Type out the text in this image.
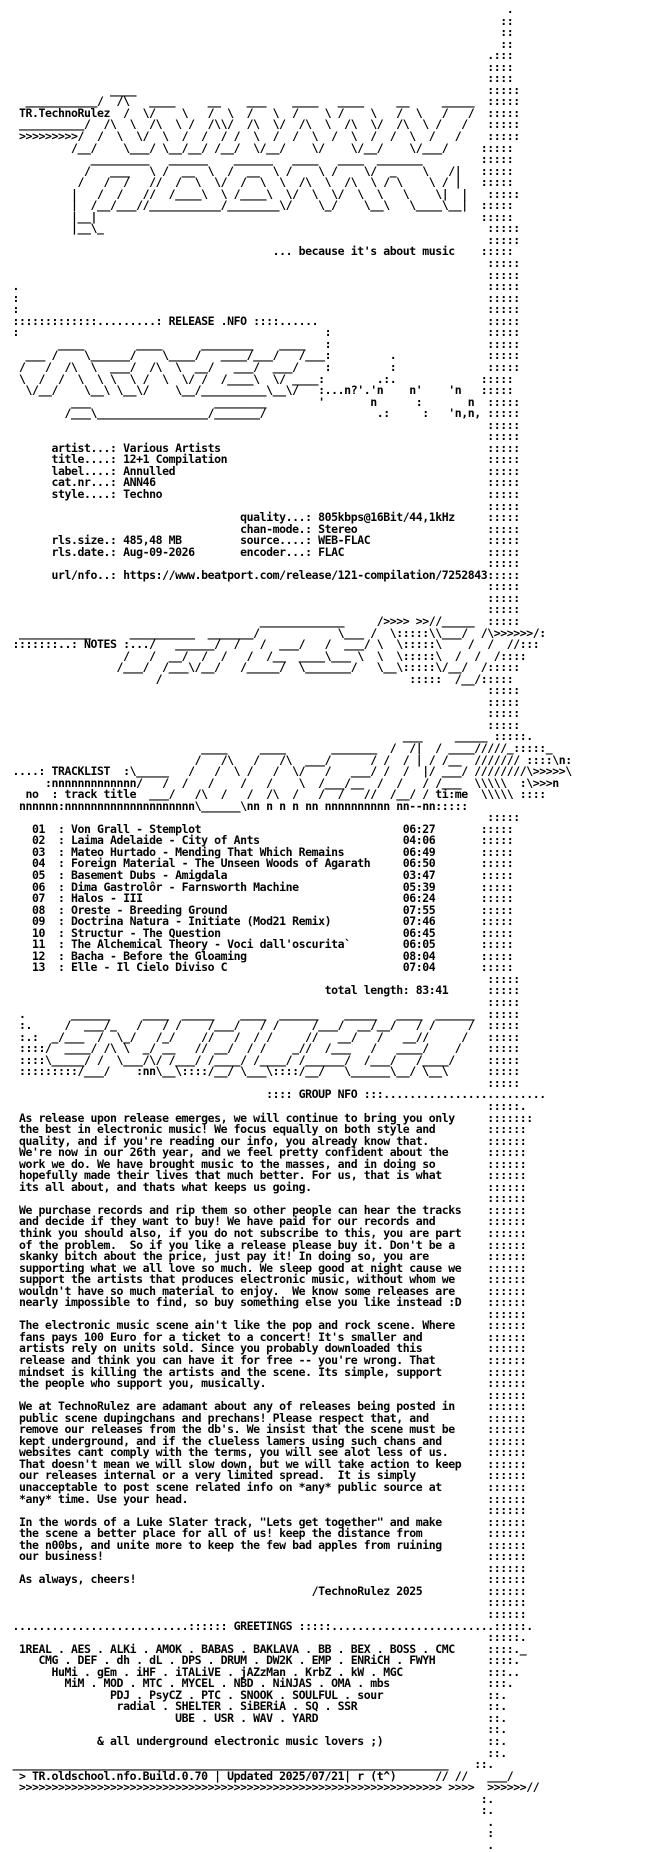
.
::
::
::
.:::
::::
::::
____                                                      :::::
___________/  /\   ____     __    ___    ____   ____     __     _____  :::::
TR.TechnoRulez  /  \/    \   /  \  /   \  /    \ /    \   /  \   /   /  :::::
__________/  /\  \  /\  \ /  /\\/  /\  \/  /\  \  /\  \/  /\  \ /   /   :::::
>>>>>>>>>/  /  \  \/  \  /  /  / /  \  /  /  \  /  \  /  /  \  /   /    :::::
/__/    \___/ \__/__/ /__/  \/__/    \/    \/__/    \/___/     :::::
_________   ______    ______   ____   ____  _______         :::::
/   ___   \ /  __  \  /  __  \ /    \ /    \/  _    \   /|   :::::
/   /  /   //  /  \  \/  /  \  \  /\  \  /\  \ / \    \ / |   :::::
|   /  /   //  /____\  \ /____\  \/  \  \/  \  \   \    \|  |   :::::
|  /__/___//___________/________\/    \_/    \__\   \____\__|  :::::
|__|                                                           :::::
|__\_                                                           :::::
:::::
... because it's about music    :::::
:::::
:::::
.                                                                        :::::
:                                                                        :::::
:                                                                        :::::
:::::::::::::.........: RELEASE .NFO ::::......                          :::::
:                                               :                        :::::
____        ____      ________    ____   :                        :::::
___ /    \______/    \____/   ____/___/   /___:         .              :::::
/   /  /\  \  ___/  /\  \  __/   ___/  ___/    :         :              :::::
\  /  /  \  \ \  \ /  \  \/ /  /____\  \/ ____:        .:.             :::::
\/__/    \__\ \__\/    \__/__________\__\/   :...n?'.'n    n'    'n   :::::
___                   ________        '       n      :       n  :::::
/___\_________________/_______/                 .:     :   'n,n, :::::
:::::
:::::
artist...: Various Artists                                         :::::
title....: 12+1 Compilation                                        :::::
label....: Annulled                                                :::::
cat.nr...: ANN46                                                   :::::
style....: Techno                                                  :::::
:::::
quality...: 805kbps@16Bit/44,1kHz     :::::
chan-mode.: Stereo                    :::::
rls.size.: 485,48 MB         source....: WEB-FLAC                  :::::
rls.date.: Aug-09-2026       encoder...: FLAC                      :::::
:::::
url/nfo..: https://www.beatport.com/release/121-compilation/7252843:::::
:::::
:::::
:::::
_____________     />>>> >>//_____  :::::
___________      __________  _______/            \___ /  \:::::\\___/  /\>>>>>>/:
:::::::..: NOTES :.../   ______/  /   /  ___/   /  ___/ \  \:::::\    /  /  //:::
/   /  __/  /  /   /  /__  ____\___ \  \  \:::::\  /  /  /::::
/___/  /___\/__/   /_____/  \_______/   \__\:::::\/__/  /:::::
/                                      :::::  /__/:::::
:::::
:::::
:::::
:::::
___     _____ :::::.
____     ____       _______  /  /|  / ____/////_:::::_
/   /\   /   /\  ___/      / /  / | / /__  /////// ::::\n:
....: TRACKLIST  :\_____   /   /  \ /   /  \/   /   ___/ /  /  |/ ___/ ////////\>>>>>\
:nnnnnnnnnnnnn/   /  /   /    /   /    \  /___/__  /  /   / /___  \\\\\  :\>>>n
no  : track title  ___/   /\  /   /  /\  /   /  /   //  /__/ / ti:me  \\\\\ ::::
nnnnnn:nnnnnnnnnnnnnnnnnnnn\______\nn n n n nn nnnnnnnnnn nn--nn:::::
:::::
01  : Von Grall - Stemplot                               06:27       :::::
02  : Laima Adelaide - City of Ants                      04:06       :::::
03  : Mateo Hurtado - Mending That Which Remains         06:49       :::::
04  : Foreign Material - The Unseen Woods of Agarath     06:50       :::::
05  : Basement Dubs - Amigdala                           03:47       :::::
06  : Dima Gastrolôr - Farnsworth Machine                05:39       :::::
07  : Halos - III                                        06:24       :::::
08  : Oreste - Breeding Ground                           07:55       :::::
09  : Doctrina Natura - Initiate (Mod21 Remix)           07:46       :::::
10  : Structur - The Question                            06:45       :::::
11  : The Alchemical Theory - Voci dall'oscurita`        06:05       :::::
12  : Bacha - Before the Gloaming                        08:04       :::::
13  : Elle - Il Cielo Diviso C                           07:04       :::::
:::::
total length: 83:41      :::::
:::::
.       ______     ____  _____    ____  ______    _____   ____  ______  :::::
:.     /  ___/_   /   / /    /___/   / /     /___/  __/__/   / /     /  :::::
:.:  _/___  /  \_/   /_/    //   /  / /     //   __/   /   __//     /   :::::
::::/  ____/ /\ \  _/ __   // __/  / /    _//  /___   /   ____/    /    :::::
::::\_____/ /  \___/\/ /___/ /____/ /____/ /______/  /___/   /____/     :::::
:::::::::/___/    :nn\__\::::/__/ \___\::::/__/   \______\__/ \__\      :::::
:::::
:::: GROUP NFO :::.........................
:::::.
As release upon release emerges, we will continue to bring you only     :::::::
the best in electronic music! We focus equally on both style and        ::::::
quality, and if you're reading our info, you already know that.         ::::::
We're now in our 26th year, and we feel pretty confident about the      ::::::
work we do. We have brought music to the masses, and in doing so        ::::::
hopefully made their lives that much better. For us, that is what       ::::::
its all about, and thats what keeps us going.                           ::::::
::::::
We purchase records and rip them so other people can hear the tracks    ::::::
and decide if they want to buy! We have paid for our records and        ::::::
think you should also, if you do not subscribe to this, you are part    ::::::
of the problem.  So if you like a release please buy it. Don't be a     ::::::
skanky bitch about the price, just pay it! In doing so, you are         ::::::
supporting what we all love so much. We sleep good at night cause we    ::::::
support the artists that produces electronic music, without whom we     ::::::
wouldn't have so much material to enjoy.  We know some releases are     ::::::
nearly impossible to find, so buy something else you like instead :D    ::::::
::::::
The electronic music scene ain't like the pop and rock scene. Where     ::::::
fans pays 100 Euro for a ticket to a concert! It's smaller and          ::::::
artists rely on units sold. Since you probably downloaded this          ::::::
release and think you can have it for free -- you're wrong. That        ::::::
mindset is killing the artists and the scene. Its simple, support       ::::::
the people who support you, musically.                                  ::::::
::::::
We at TechnoRulez are adamant about any of releases being posted in     ::::::
public scene dupingchans and prechans! Please respect that, and         ::::::
remove our releases from the db's. We insist that the scene must be     ::::::
kept underground, and if the clueless lamers using such chans and       ::::::
websites cant comply with the terms, you will see alot less of us.      ::::::
That doesn't mean we will slow down, but we will take action to keep    ::::::
our releases internal or a very limited spread.  It is simply           ::::::
unacceptable to post scene related info on *any* public source at       ::::::
*any* time. Use your head.                                              ::::::
::::::
In the words of a Luke Slater track, "Lets get together" and make       ::::::
the scene a better place for all of us! keep the distance from          ::::::
the n00bs, and unite more to keep the few bad apples from ruining       ::::::
our business!                                                           ::::::
::::::
As always, cheers!                                                      ::::::
/TechnoRulez 2025          ::::::
::::::
::::::
...........................:::::: GREETINGS :::::.........................:::::.
:::::.
1REAL . AES . ALKi . AMOK . BABAS . BAKLAVA . BB . BEX . BOSS . CMC     ::::._
CMG . DEF . dh . dL . DPS . DRUM . DW2K . EMP . ENRiCH . FWYH        ::::.
HuMi . gEm . iHF . iTALiVE . jAZzMan . KrbZ . kW . MGC             :::..
MiM . MOD . MTC . MYCEL . NBD . NiNJAS . OMA . mbs               :::.
PDJ . PsyCZ . PTC . SNOOK . SOULFUL . sour                ::.
radial . SHELTER . SiBERiA . SQ . SSR                    ::.
UBE . USR . WAV . YARD                          ::.
::.
& all underground electronic music lovers ;)                ::.
::.
___________________________________________________________________    ::.
> TR.oldschool.nfo.Build.0.70 | Updated 2025/07/21| r (t^)      // //   ___/
>>>>>>>>>>>>>>>>>>>>>>>>>>>>>>>>>>>>>>>>>>>>>>>>>>>>>>>>>>>>>>>>> >>>>  >>>>>>//
:.
:.
.
:
.
